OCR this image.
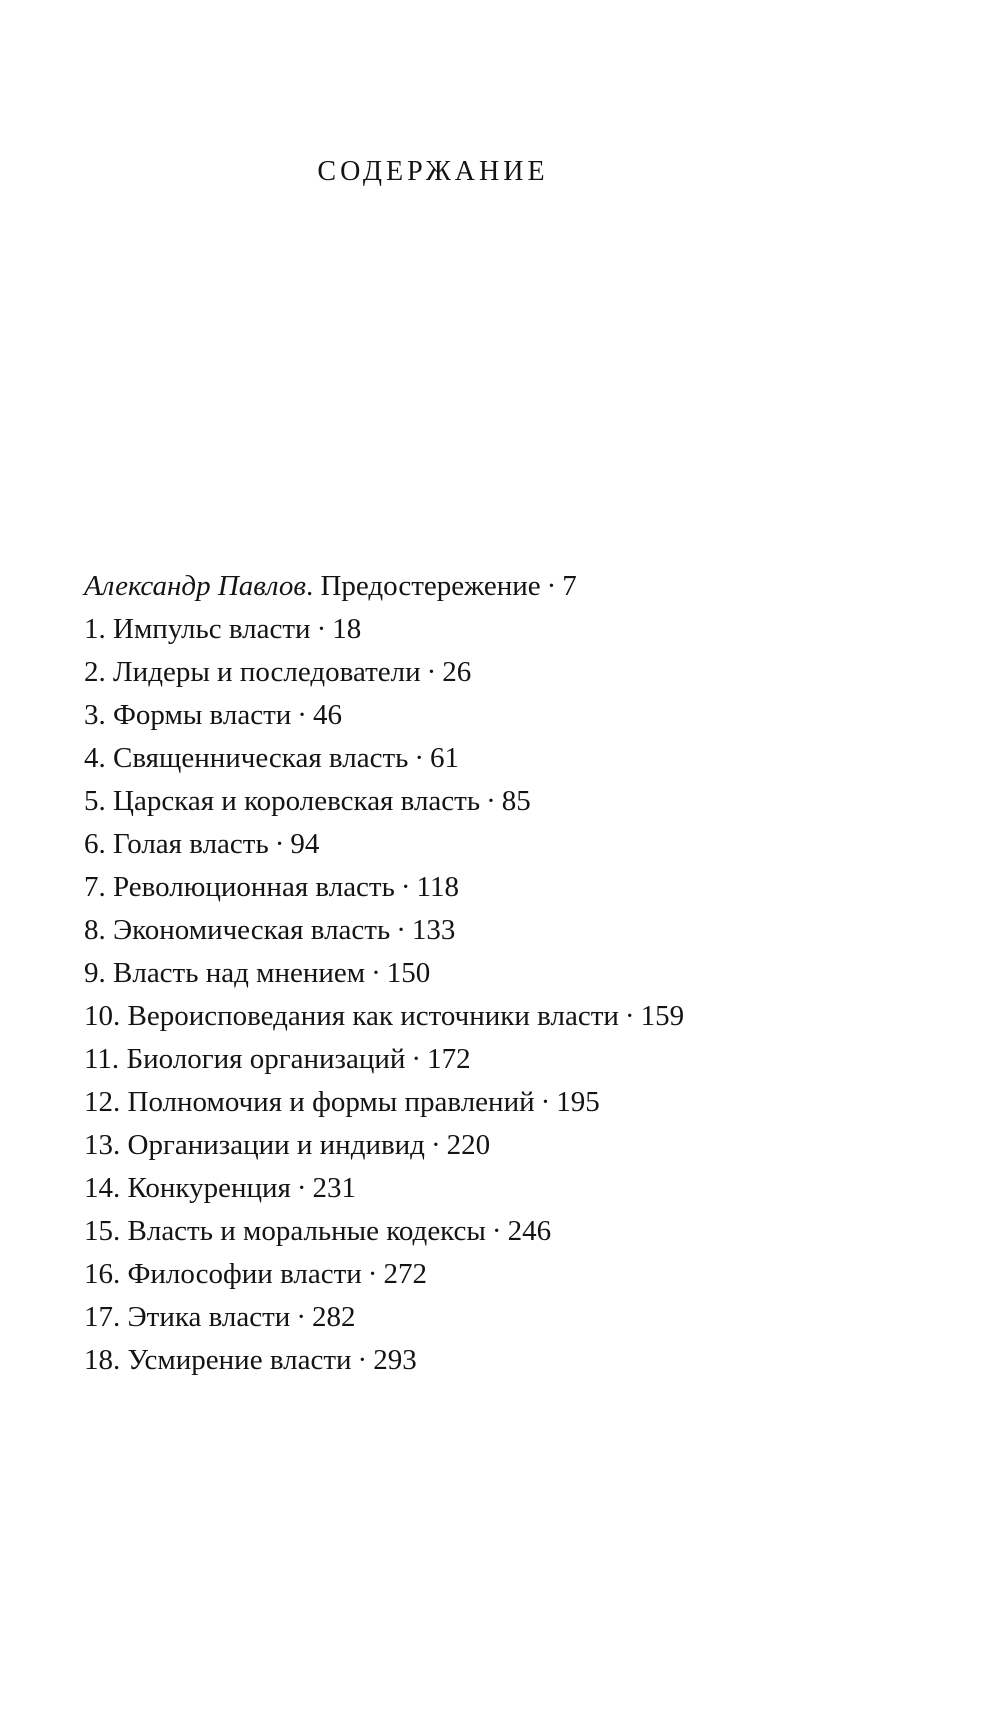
СОДЕРЖАНИЕ
Александр Павлов. Предостережение · 7
1. Импульс власти · 18
2. Лидеры и последователи · 26
3. Формы власти · 46
4. Священническая власть · 61
5. Царская и королевская власть · 85
6. Голая власть · 94
7. Революционная власть · 118
8. Экономическая власть · 133
9. Власть над мнением · 150
10. Вероисповедания как источники власти · 159
11. Биология организаций · 172
12. Полномочия и формы правлений · 195
13. Организации и индивид · 220
14. Конкуренция · 231
15. Власть и моральные кодексы · 246
16. Философии власти · 272
17. Этика власти · 282
18. Усмирение власти · 293
